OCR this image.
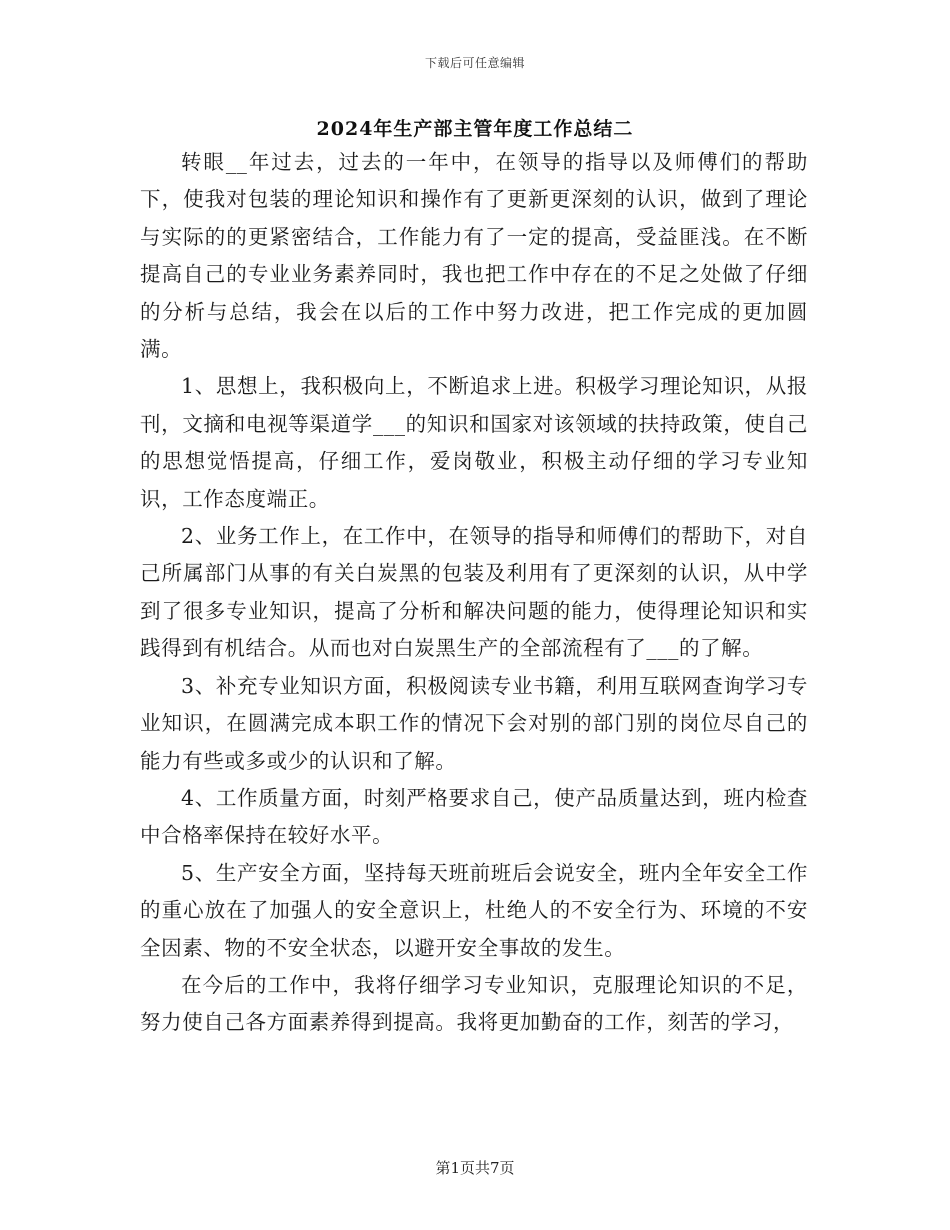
下载后可任意编辑
2024年生产部主管年度工作总结二

转眼__年过去，过去的一年中，在领导的指导以及师傅们的帮助下，使我对包装的理论知识和操作有了更新更深刻的认识，做到了理论与实际的的更紧密结合，工作能力有了一定的提高，受益匪浅。在不断提高自己的专业业务素养同时，我也把工作中存在的不足之处做了仔细的分析与总结，我会在以后的工作中努力改进，把工作完成的更加圆满。

1、思想上，我积极向上，不断追求上进。积极学习理论知识，从报刊，文摘和电视等渠道学___的知识和国家对该领域的扶持政策，使自己的思想觉悟提高，仔细工作，爱岗敬业，积极主动仔细的学习专业知识，工作态度端正。

2、业务工作上，在工作中，在领导的指导和师傅们的帮助下，对自己所属部门从事的有关白炭黑的包装及利用有了更深刻的认识，从中学到了很多专业知识，提高了分析和解决问题的能力，使得理论知识和实践得到有机结合。从而也对白炭黑生产的全部流程有了___的了解。

3、补充专业知识方面，积极阅读专业书籍，利用互联网查询学习专业知识，在圆满完成本职工作的情况下会对别的部门别的岗位尽自己的能力有些或多或少的认识和了解。

4、工作质量方面，时刻严格要求自己，使产品质量达到，班内检查中合格率保持在较好水平。

5、生产安全方面，坚持每天班前班后会说安全，班内全年安全工作的重心放在了加强人的安全意识上，杜绝人的不安全行为、环境的不安全因素、物的不安全状态，以避开安全事故的发生。

在今后的工作中，我将仔细学习专业知识，克服理论知识的不足，努力使自己各方面素养得到提高。我将更加勤奋的工作，刻苦的学习，

第1页共7页
